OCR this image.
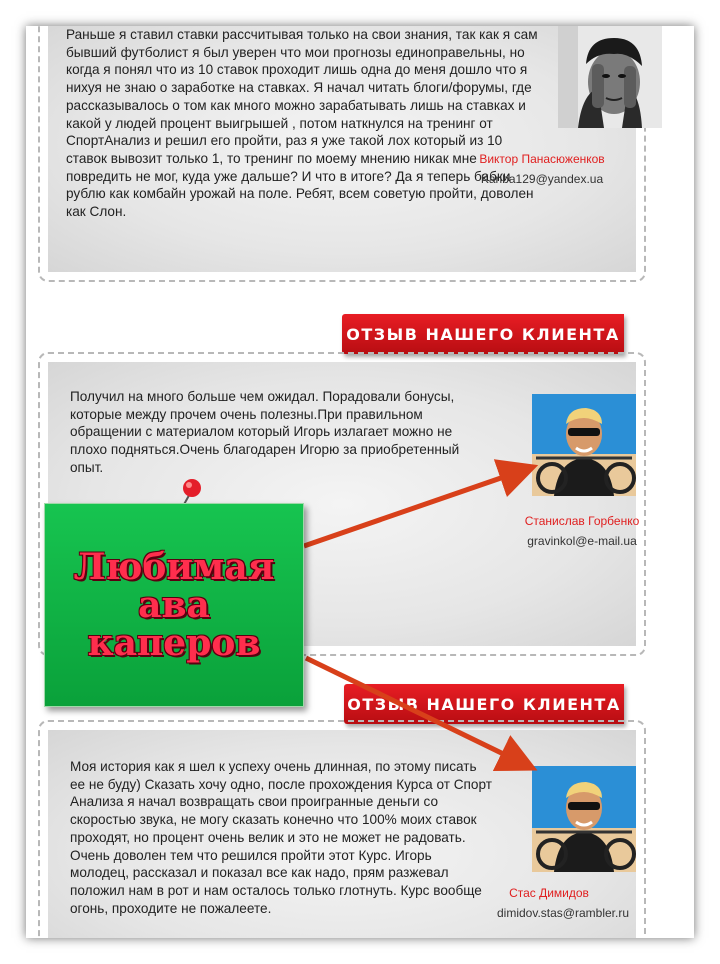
Раньше я ставил ставки рассчитывая только на свои знания, так как я сам бывший футболист я был уверен что мои прогнозы единоправельны, но когда я понял что из 10 ставок проходит лишь одна до меня дошло что я нихуя не знаю о заработке на ставках. Я начал читать блоги/форумы, где рассказывалось о том как много можно зарабатывать лишь на ставках и какой у людей процент выигрышей , потом наткнулся на тренинг от СпортАнализ и решил его пройти, раз я уже такой лох который из 10 ставок вывозит только 1, то тренинг по моему мнению никак мне повредить не мог, куда уже дальше? И что в итоге? Да я теперь бабки рублю как комбайн урожай на поле. Ребят, всем советую пройти, доволен как Слон.
Виктор Панасюженков
Kariba129@yandex.ua
ОТЗЫВ НАШЕГО КЛИЕНТА
Получил на много больше чем ожидал. Порадовали бонусы, которые между прочем очень полезны.При правильном обращении с материалом который Игорь излагает можно не плохо подняться.Очень благодарен Игорю за приобретенный опыт.
Станислав Горбенко
gravinkol@e-mail.ua
ОТЗЫВ НАШЕГО КЛИЕНТА
Моя история как я шел к успеху очень длинная, по этому писать ее не буду) Сказать хочу одно, после прохождения Курса от Спорт Анализа я начал возвращать свои проигранные деньги со скоростью звука, не могу сказать конечно что 100% моих ставок проходят, но процент очень велик и это не может не радовать. Очень доволен тем что решился пройти этот Курс. Игорь молодец, рассказал и показал все как надо, прям разжевал положил нам в рот и нам осталось только глотнуть. Курс вообще огонь, проходите не пожалеете.
Стас Димидов
dimidov.stas@rambler.ru
Любимая
ава
каперов
